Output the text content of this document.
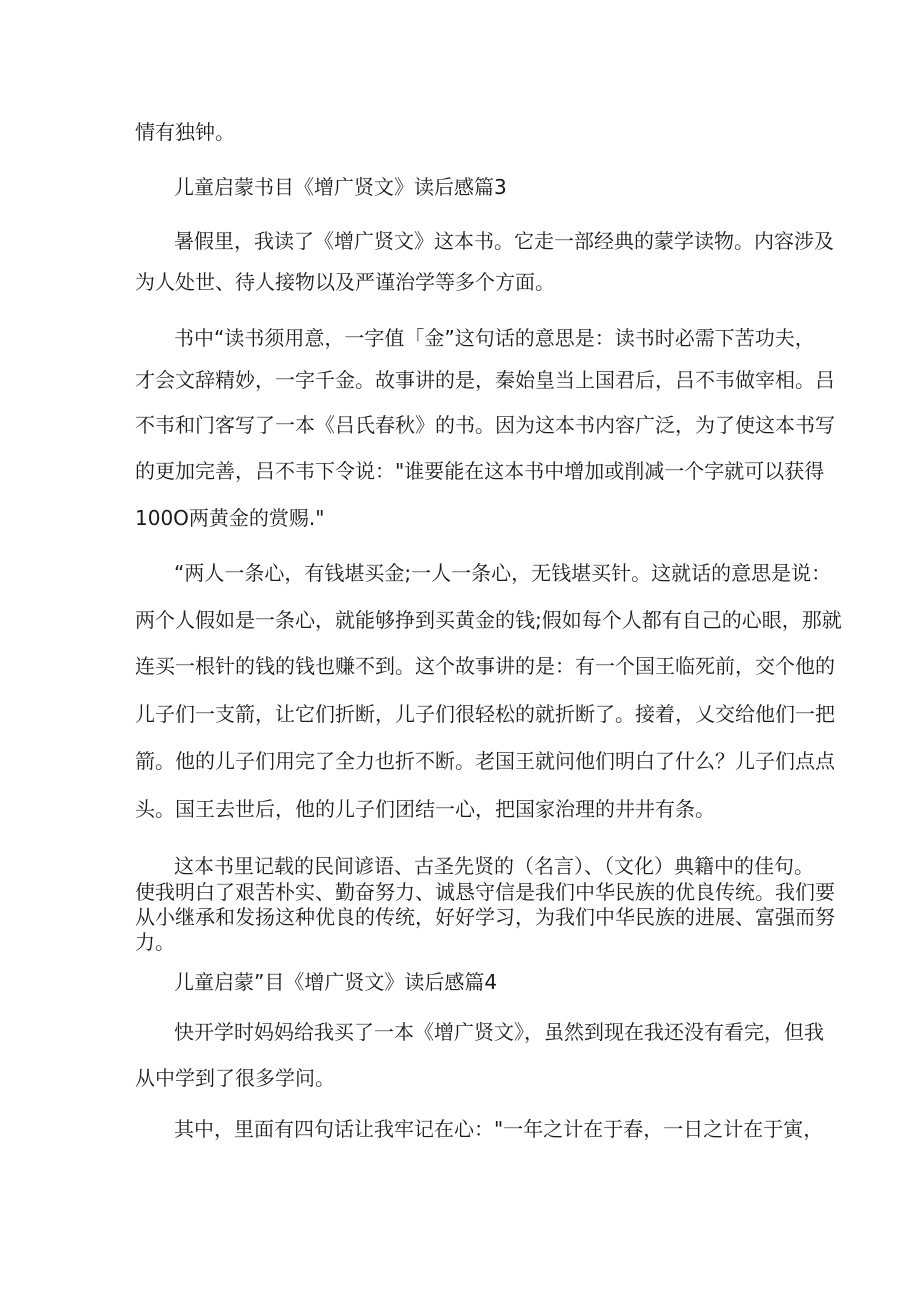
情有独钟。

儿童启蒙书目《增广贤文》读后感篇3

暑假里，我读了《增广贤文》这本书。它走一部经典的蒙学读物。内容涉及

为人处世、待人接物以及严谨治学等多个方面。

书中“读书须用意，一字值「金”这句话的意思是：读书时必需下苦功夫，

才会文辞精妙，一字千金。故事讲的是，秦始皇当上国君后，吕不韦做宰相。吕

不韦和门客写了一本《吕氏春秋》的书。因为这本书内容广泛，为了使这本书写

的更加完善，吕不韦下令说："谁要能在这本书中增加或削减一个字就可以获得

100O两黄金的赏赐."

“两人一条心，有钱堪买金;一人一条心，无钱堪买针。这就话的意思是说：

两个人假如是一条心，就能够挣到买黄金的钱;假如每个人都有自己的心眼，那就

连买一根针的钱的钱也赚不到。这个故事讲的是：有一个国王临死前，交个他的

儿子们一支箭，让它们折断，儿子们很轻松的就折断了。接着，乂交给他们一把

箭。他的儿子们用完了全力也折不断。老国王就问他们明白了什么？儿子们点点

头。国王去世后，他的儿子们团结一心，把国家治理的井井有条。

这本书里记载的民间谚语、古圣先贤的（名言）、（文化）典籍中的佳句。

使我明白了艰苦朴实、勤奋努力、诚恳守信是我们中华民族的优良传统。我们要

从小继承和发扬这种优良的传统，好好学习，为我们中华民族的进展、富强而努

力。

儿童启蒙”目《增广贤文》读后感篇4

快开学时妈妈给我买了一本《增广贤文》，虽然到现在我还没有看完，但我

从中学到了很多学问。

其中，里面有四句话让我牢记在心："一年之计在于春，一日之计在于寅，
